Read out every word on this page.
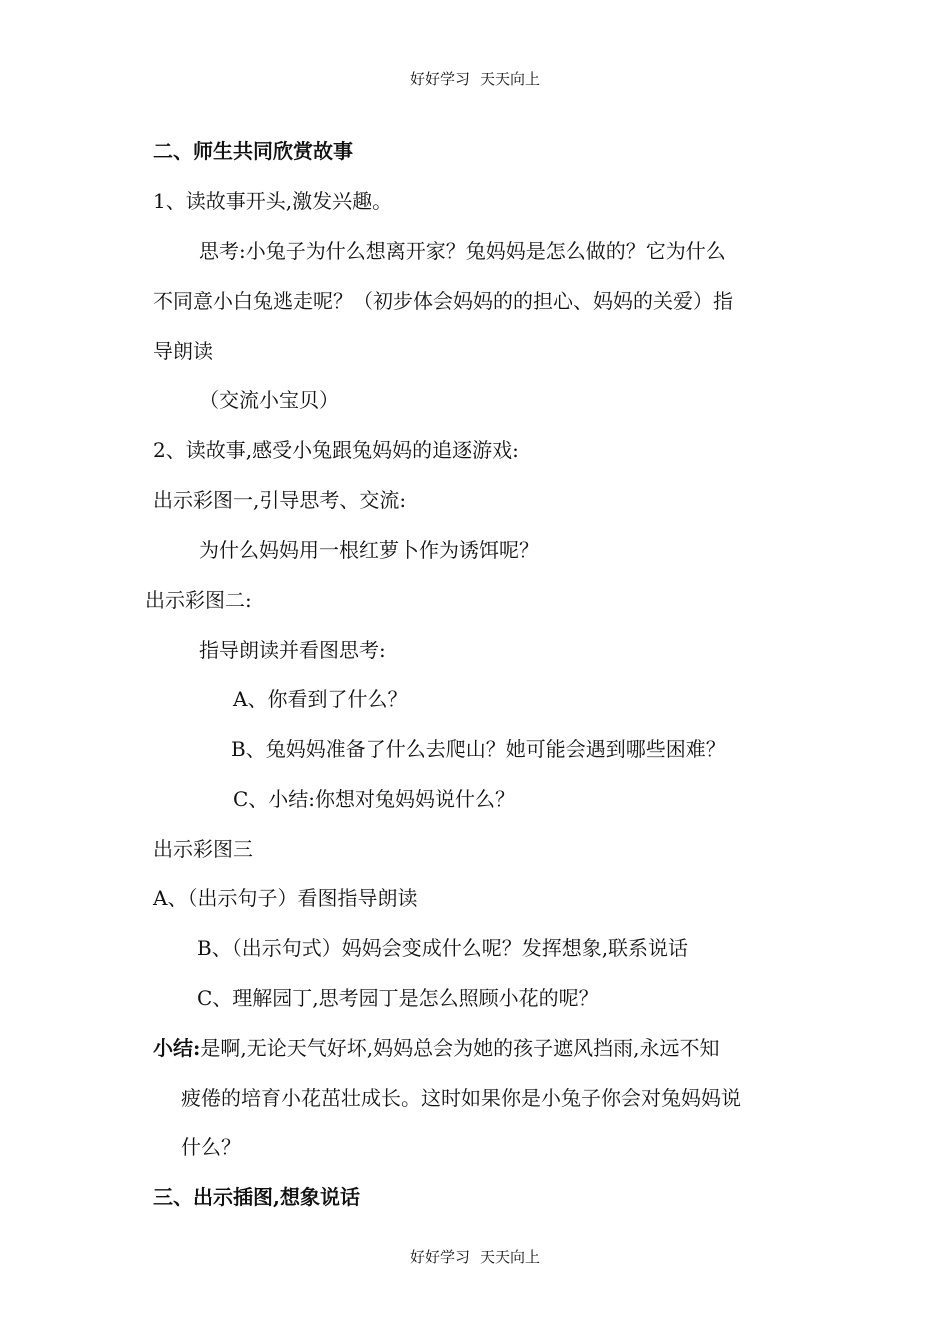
好好学习 天天向上
二、师生共同欣赏故事
1、读故事开头,激发兴趣。
思考:小兔子为什么想离开家？兔妈妈是怎么做的？它为什么
不同意小白兔逃走呢？（初步体会妈妈的的担心、妈妈的关爱）指
导朗读
（交流小宝贝）
2、读故事,感受小兔跟兔妈妈的追逐游戏:
出示彩图一,引导思考、交流:
为什么妈妈用一根红萝卜作为诱饵呢？
出示彩图二:
指导朗读并看图思考:
A、你看到了什么？
B、兔妈妈准备了什么去爬山？她可能会遇到哪些困难？
C、小结:你想对兔妈妈说什么？
出示彩图三
A、（出示句子）看图指导朗读
B、（出示句式）妈妈会变成什么呢？发挥想象,联系说话
C、理解园丁,思考园丁是怎么照顾小花的呢？
小结:是啊,无论天气好坏,妈妈总会为她的孩子遮风挡雨,永远不知
疲倦的培育小花茁壮成长。这时如果你是小兔子你会对兔妈妈说
什么？
三、出示插图,想象说话
好好学习 天天向上
